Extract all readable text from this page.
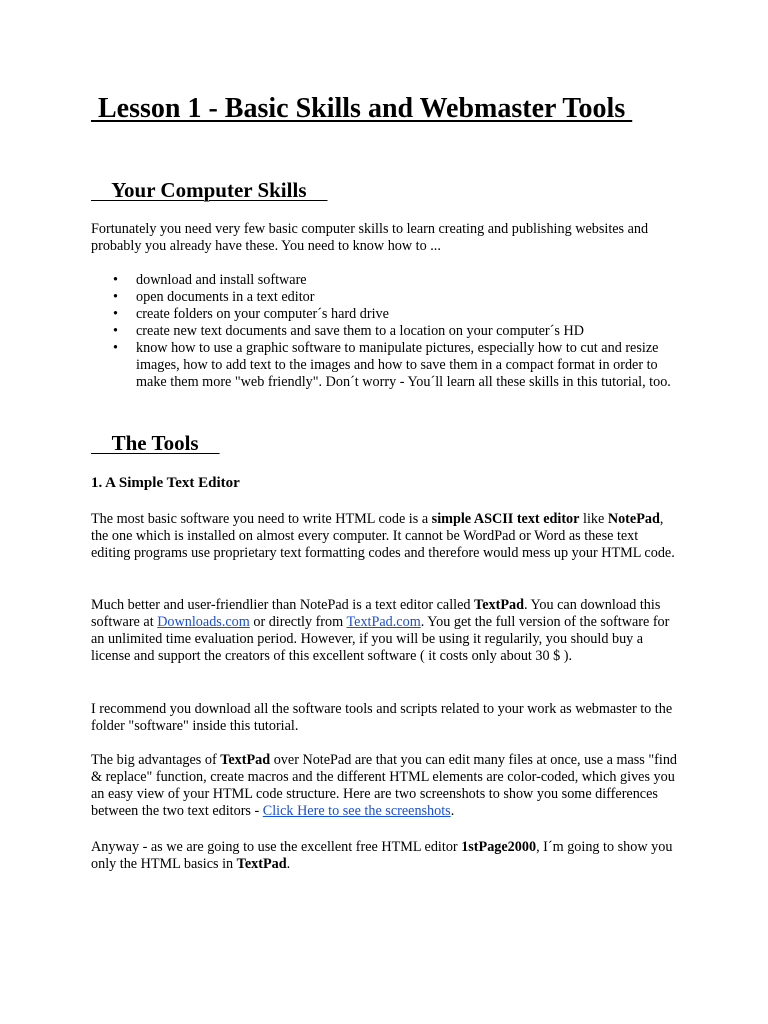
Lesson 1 - Basic Skills and Webmaster Tools
Your Computer Skills

Fortunately you need very few basic computer skills to learn creating and publishing websites and probably you already have these. You need to know how to ...

• download and install software
• open documents in a text editor
• create folders on your computer´s hard drive
• create new text documents and save them to a location on your computer´s HD
• know how to use a graphic software to manipulate pictures, especially how to cut and resize images, how to add text to the images and how to save them in a compact format in order to make them more "web friendly". Don´t worry - You´ll learn all these skills in this tutorial, too.
The Tools
1. A Simple Text Editor

The most basic software you need to write HTML code is a simple ASCII text editor like NotePad, the one which is installed on almost every computer. It cannot be WordPad or Word as these text editing programs use proprietary text formatting codes and therefore would mess up your HTML code.

Much better and user-friendlier than NotePad is a text editor called TextPad. You can download this software at Downloads.com or directly from TextPad.com. You get the full version of the software for an unlimited time evaluation period. However, if you will be using it regularily, you should buy a license and support the creators of this excellent software ( it costs only about 30 $ ).

I recommend you download all the software tools and scripts related to your work as webmaster to the folder "software" inside this tutorial.

The big advantages of TextPad over NotePad are that you can edit many files at once, use a mass "find & replace" function, create macros and the different HTML elements are color-coded, which gives you an easy view of your HTML code structure. Here are two screenshots to show you some differences between the two text editors - Click Here to see the screenshots.

Anyway - as we are going to use the excellent free HTML editor 1stPage2000, I´m going to show you only the HTML basics in TextPad.
